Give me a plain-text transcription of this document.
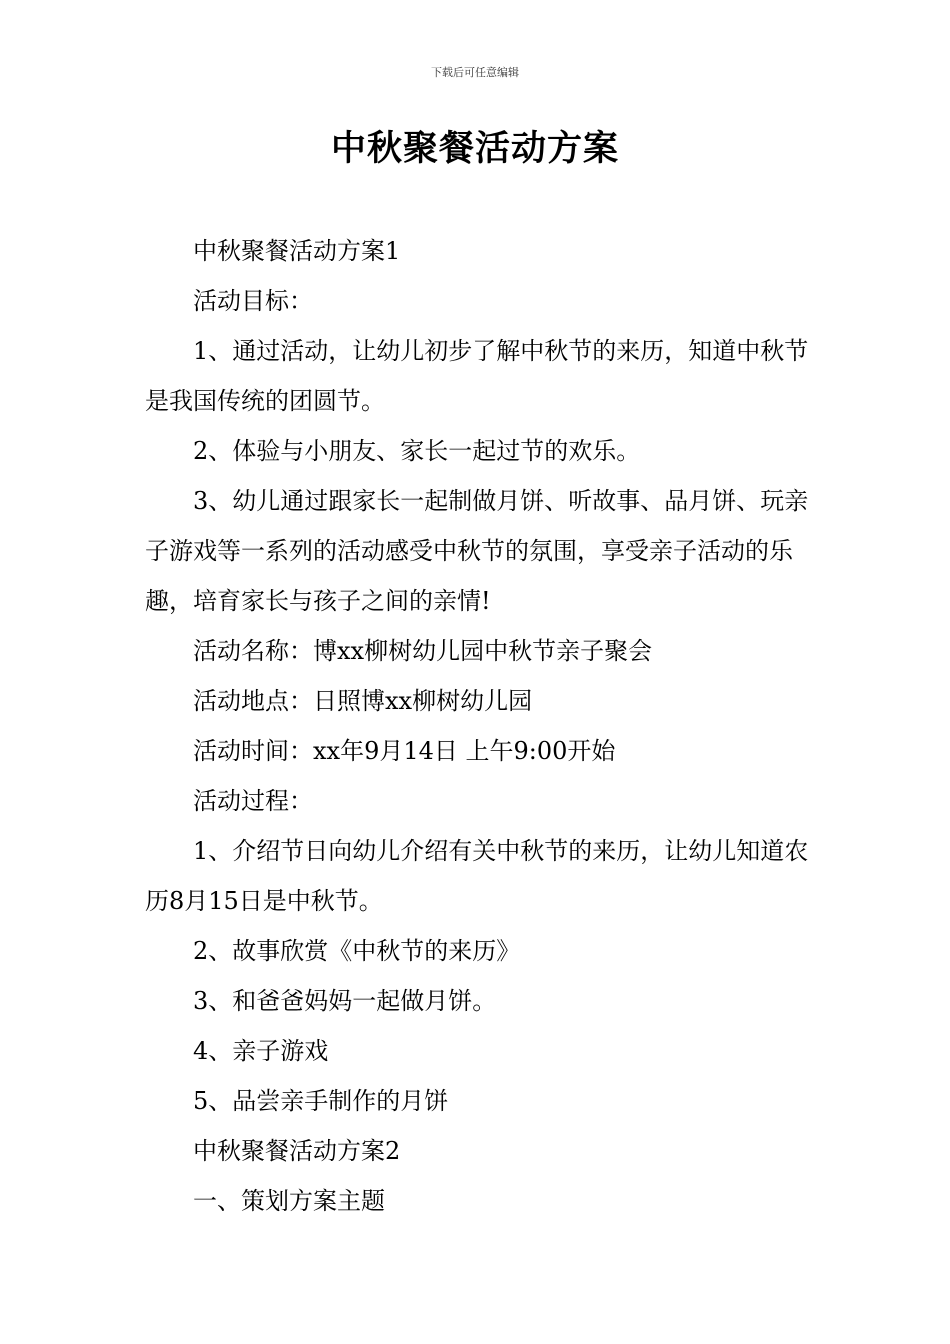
下载后可任意编辑
中秋聚餐活动方案

中秋聚餐活动方案1

活动目标：

1、通过活动，让幼儿初步了解中秋节的来历，知道中秋节是我国传统的团圆节。

2、体验与小朋友、家长一起过节的欢乐。

3、幼儿通过跟家长一起制做月饼、听故事、品月饼、玩亲子游戏等一系列的活动感受中秋节的氛围，享受亲子活动的乐趣，培育家长与孩子之间的亲情!

活动名称：博xx柳树幼儿园中秋节亲子聚会

活动地点：日照博xx柳树幼儿园

活动时间：xx年9月14日 上午9:00开始

活动过程：

1、介绍节日向幼儿介绍有关中秋节的来历，让幼儿知道农历8月15日是中秋节。

2、故事欣赏《中秋节的来历》

3、和爸爸妈妈一起做月饼。

4、亲子游戏

5、品尝亲手制作的月饼

中秋聚餐活动方案2

一、策划方案主题
